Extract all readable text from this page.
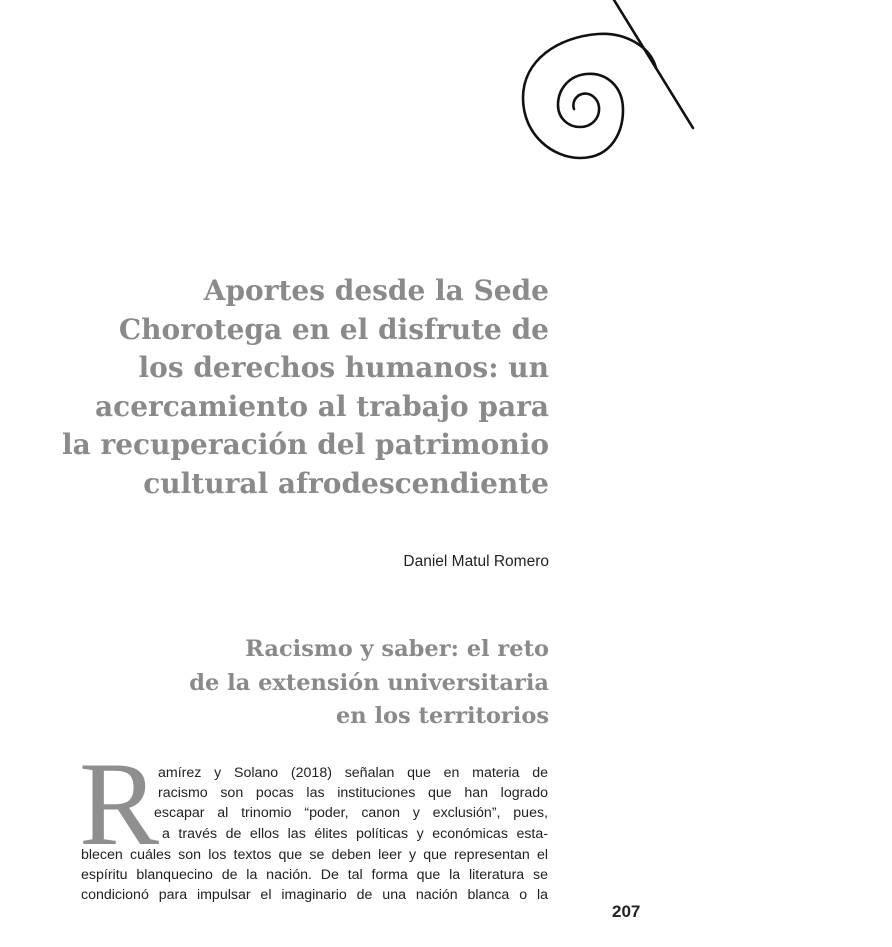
Aportes desde la Sede
Chorotega en el disfrute de
los derechos humanos: un
acercamiento al trabajo para
la recuperación del patrimonio
cultural afrodescendiente
Daniel Matul Romero
Racismo y saber: el reto
de la extensión universitaria
en los territorios
R
amírez y Solano (2018) señalan que en materia de
racismo son pocas las instituciones que han logrado
escapar al trinomio “poder, canon y exclusión”, pues,
a través de ellos las élites políticas y económicas esta-
blecen cuáles son los textos que se deben leer y que representan el
espíritu blanquecino de la nación. De tal forma que la literatura se
condicionó para impulsar el imaginario de una nación blanca o la
207
